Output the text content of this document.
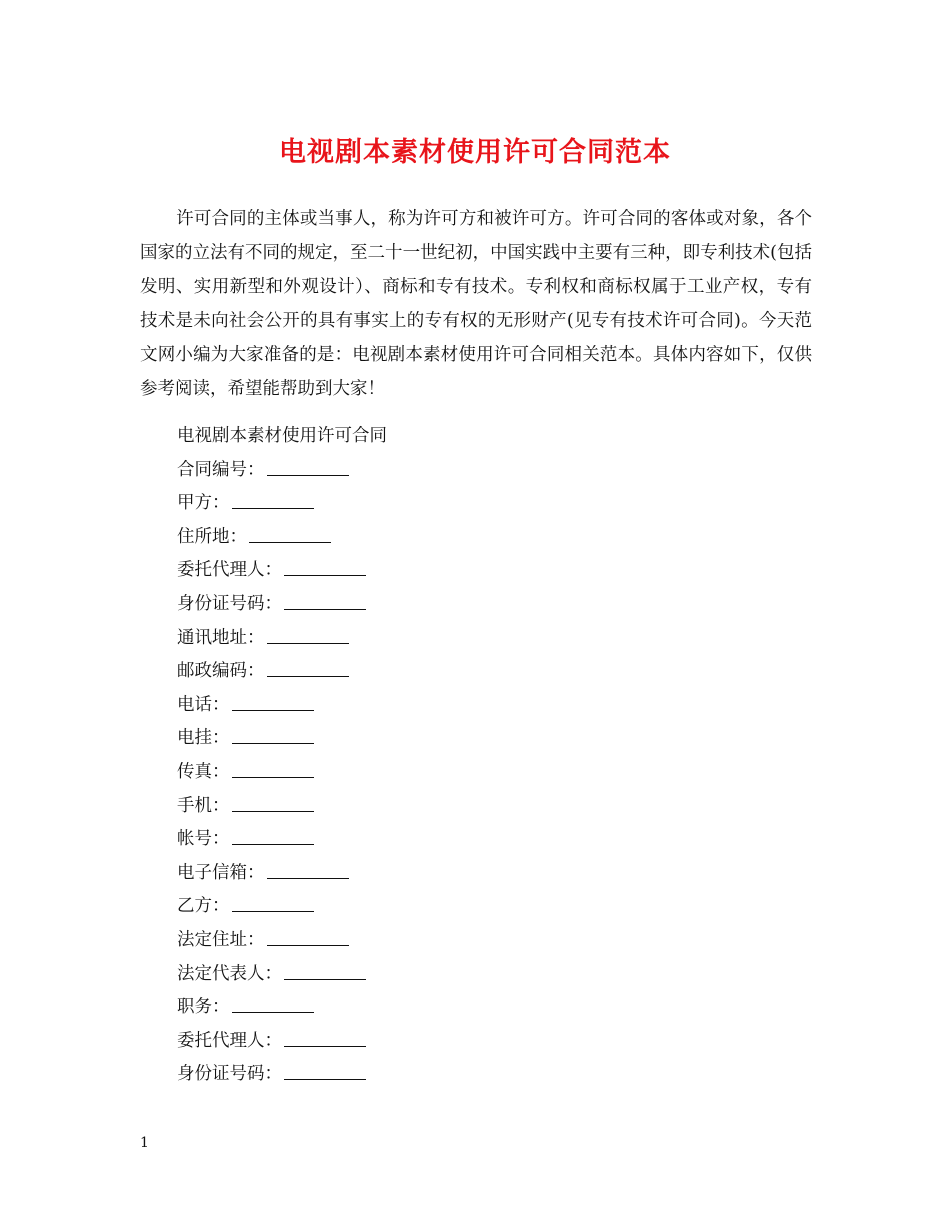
电视剧本素材使用许可合同范本

许可合同的主体或当事人，称为许可方和被许可方。许可合同的客体或对象，各个国家的立法有不同的规定，至二十一世纪初，中国实践中主要有三种，即专利技术(包括发明、实用新型和外观设计）、商标和专有技术。专利权和商标权属于工业产权，专有技术是未向社会公开的具有事实上的专有权的无形财产(见专有技术许可合同)。今天范文网小编为大家准备的是：电视剧本素材使用许可合同相关范本。具体内容如下，仅供参考阅读，希望能帮助到大家！

电视剧本素材使用许可合同
合同编号：
甲方：
住所地：
委托代理人：
身份证号码：
通讯地址：
邮政编码：
电话：
电挂：
传真：
手机：
帐号：
电子信箱：
乙方：
法定住址：
法定代表人：
职务：
委托代理人：
身份证号码：
1
